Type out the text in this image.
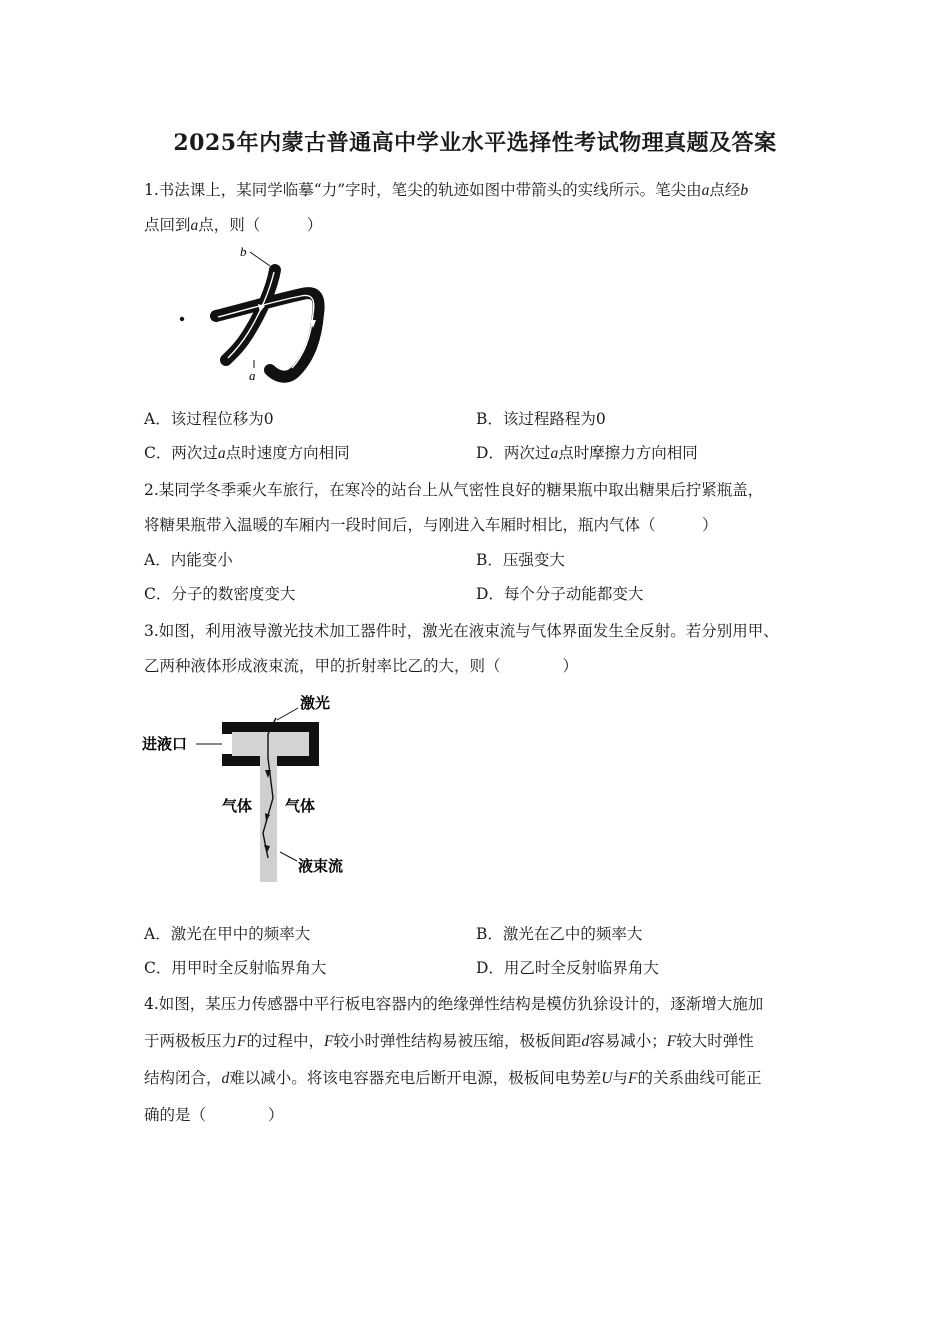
2025年内蒙古普通高中学业水平选择性考试物理真题及答案
1.书法课上，某同学临摹“力”字时，笔尖的轨迹如图中带箭头的实线所示。笔尖由a点经b
点回到a点，则（　　　）
b
a
A．该过程位移为0	B．该过程路程为0
C．两次过a点时速度方向相同	D．两次过a点时摩擦力方向相同
2.某同学冬季乘火车旅行，在寒冷的站台上从气密性良好的糖果瓶中取出糖果后拧紧瓶盖，
将糖果瓶带入温暖的车厢内一段时间后，与刚进入车厢时相比，瓶内气体（　　　）
A．内能变小	B．压强变大
C．分子的数密度变大	D．每个分子动能都变大
3.如图，利用液导激光技术加工器件时，激光在液束流与气体界面发生全反射。若分别用甲、
乙两种液体形成液束流，甲的折射率比乙的大，则（　　　　）
激光
进液口
气体 气体
液束流
A．激光在甲中的频率大	B．激光在乙中的频率大
C．用甲时全反射临界角大	D．用乙时全反射临界角大
4.如图，某压力传感器中平行板电容器内的绝缘弹性结构是模仿犰狳设计的，逐渐增大施加
于两极板压力F的过程中，F较小时弹性结构易被压缩，极板间距d容易减小；F较大时弹性
结构闭合，d难以减小。将该电容器充电后断开电源，极板间电势差U与F的关系曲线可能正
确的是（　　　　）
